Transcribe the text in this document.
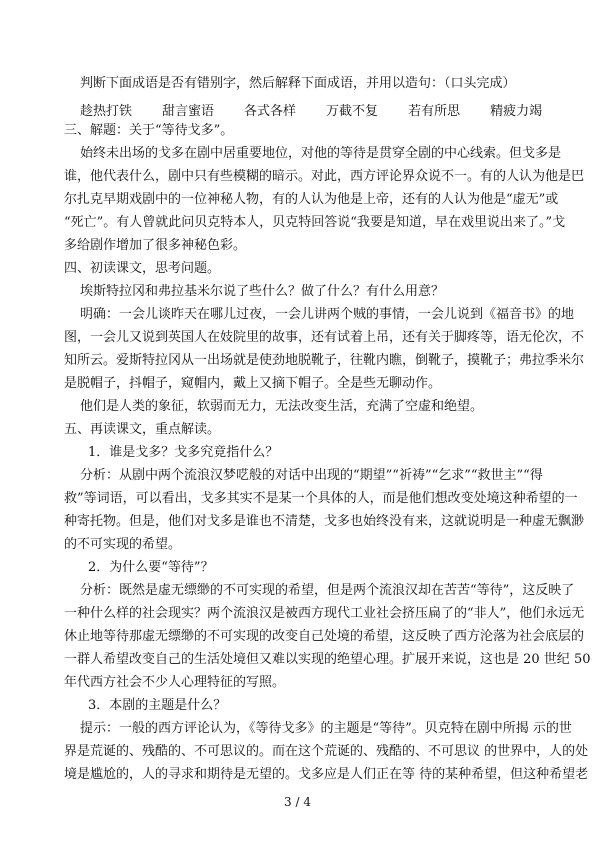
判断下面成语是否有错别字，然后解释下面成语，并用以造句：（口头完成）
趁热打铁 甜言蜜语 各式各样 万截不复 若有所思 精疲力竭
三、解题：关于“等待戈多”。
始终未出场的戈多在剧中居重要地位，对他的等待是贯穿全剧的中心线索。但戈多是
谁，他代表什么，剧中只有些模糊的暗示。对此，西方评论界众说不一。有的人认为他是巴
尔扎克早期戏剧中的一位神秘人物，有的人认为他是上帝，还有的人认为他是“虚无”或
“死亡”。有人曾就此问贝克特本人，贝克特回答说“我要是知道，早在戏里说出来了。”戈
多给剧作增加了很多神秘色彩。
四、初读课文，思考问题。
埃斯特拉冈和弗拉基米尔说了些什么？做了什么？有什么用意？
明确：一会儿谈昨天在哪儿过夜，一会儿讲两个贼的事情，一会儿说到《福音书》的地
图，一会儿又说到英国人在妓院里的故事，还有试着上吊，还有关于脚疼等，语无伦次，不
知所云。爱斯特拉冈从一出场就是使劲地脱靴子，往靴内瞧，倒靴子，摸靴子；弗拉季米尔
是脱帽子，抖帽子，窥帽内，戴上又摘下帽子。全是些无聊动作。
他们是人类的象征，软弱而无力，无法改变生活，充满了空虚和绝望。
五、再读课文，重点解读。
1．谁是戈多？戈多究竟指什么？
分析：从剧中两个流浪汉梦呓般的对话中出现的“期望”“祈祷”“乞求”“救世主”“得
救”等词语，可以看出，戈多其实不是某一个具体的人，而是他们想改变处境这种希望的一
种寄托物。但是，他们对戈多是谁也不清楚，戈多也始终没有来，这就说明是一种虚无飘渺
的不可实现的希望。
2．为什么要“等待”？
分析：既然是虚无缥缈的不可实现的希望，但是两个流浪汉却在苦苦“等待”，这反映了
一种什么样的社会现实？两个流浪汉是被西方现代工业社会挤压扁了的“非人”，他们永远无
休止地等待那虚无缥缈的不可实现的改变自己处境的希望，这反映了西方沦落为社会底层的
一群人希望改变自己的生活处境但又难以实现的绝望心理。扩展开来说，这也是 20 世纪 50
年代西方社会不少人心理特征的写照。
3．本剧的主题是什么？
提示：一般的西方评论认为，《等待戈多》的主题是“等待”。贝克特在剧中所揭 示的世
界是荒诞的、残酷的、不可思议的。而在这个荒诞的、残酷的、不可思议 的世界中，人的处
境是尴尬的，人的寻求和期待是无望的。戈多应是人们正在等 待的某种希望，但这种希望老
3 / 4
